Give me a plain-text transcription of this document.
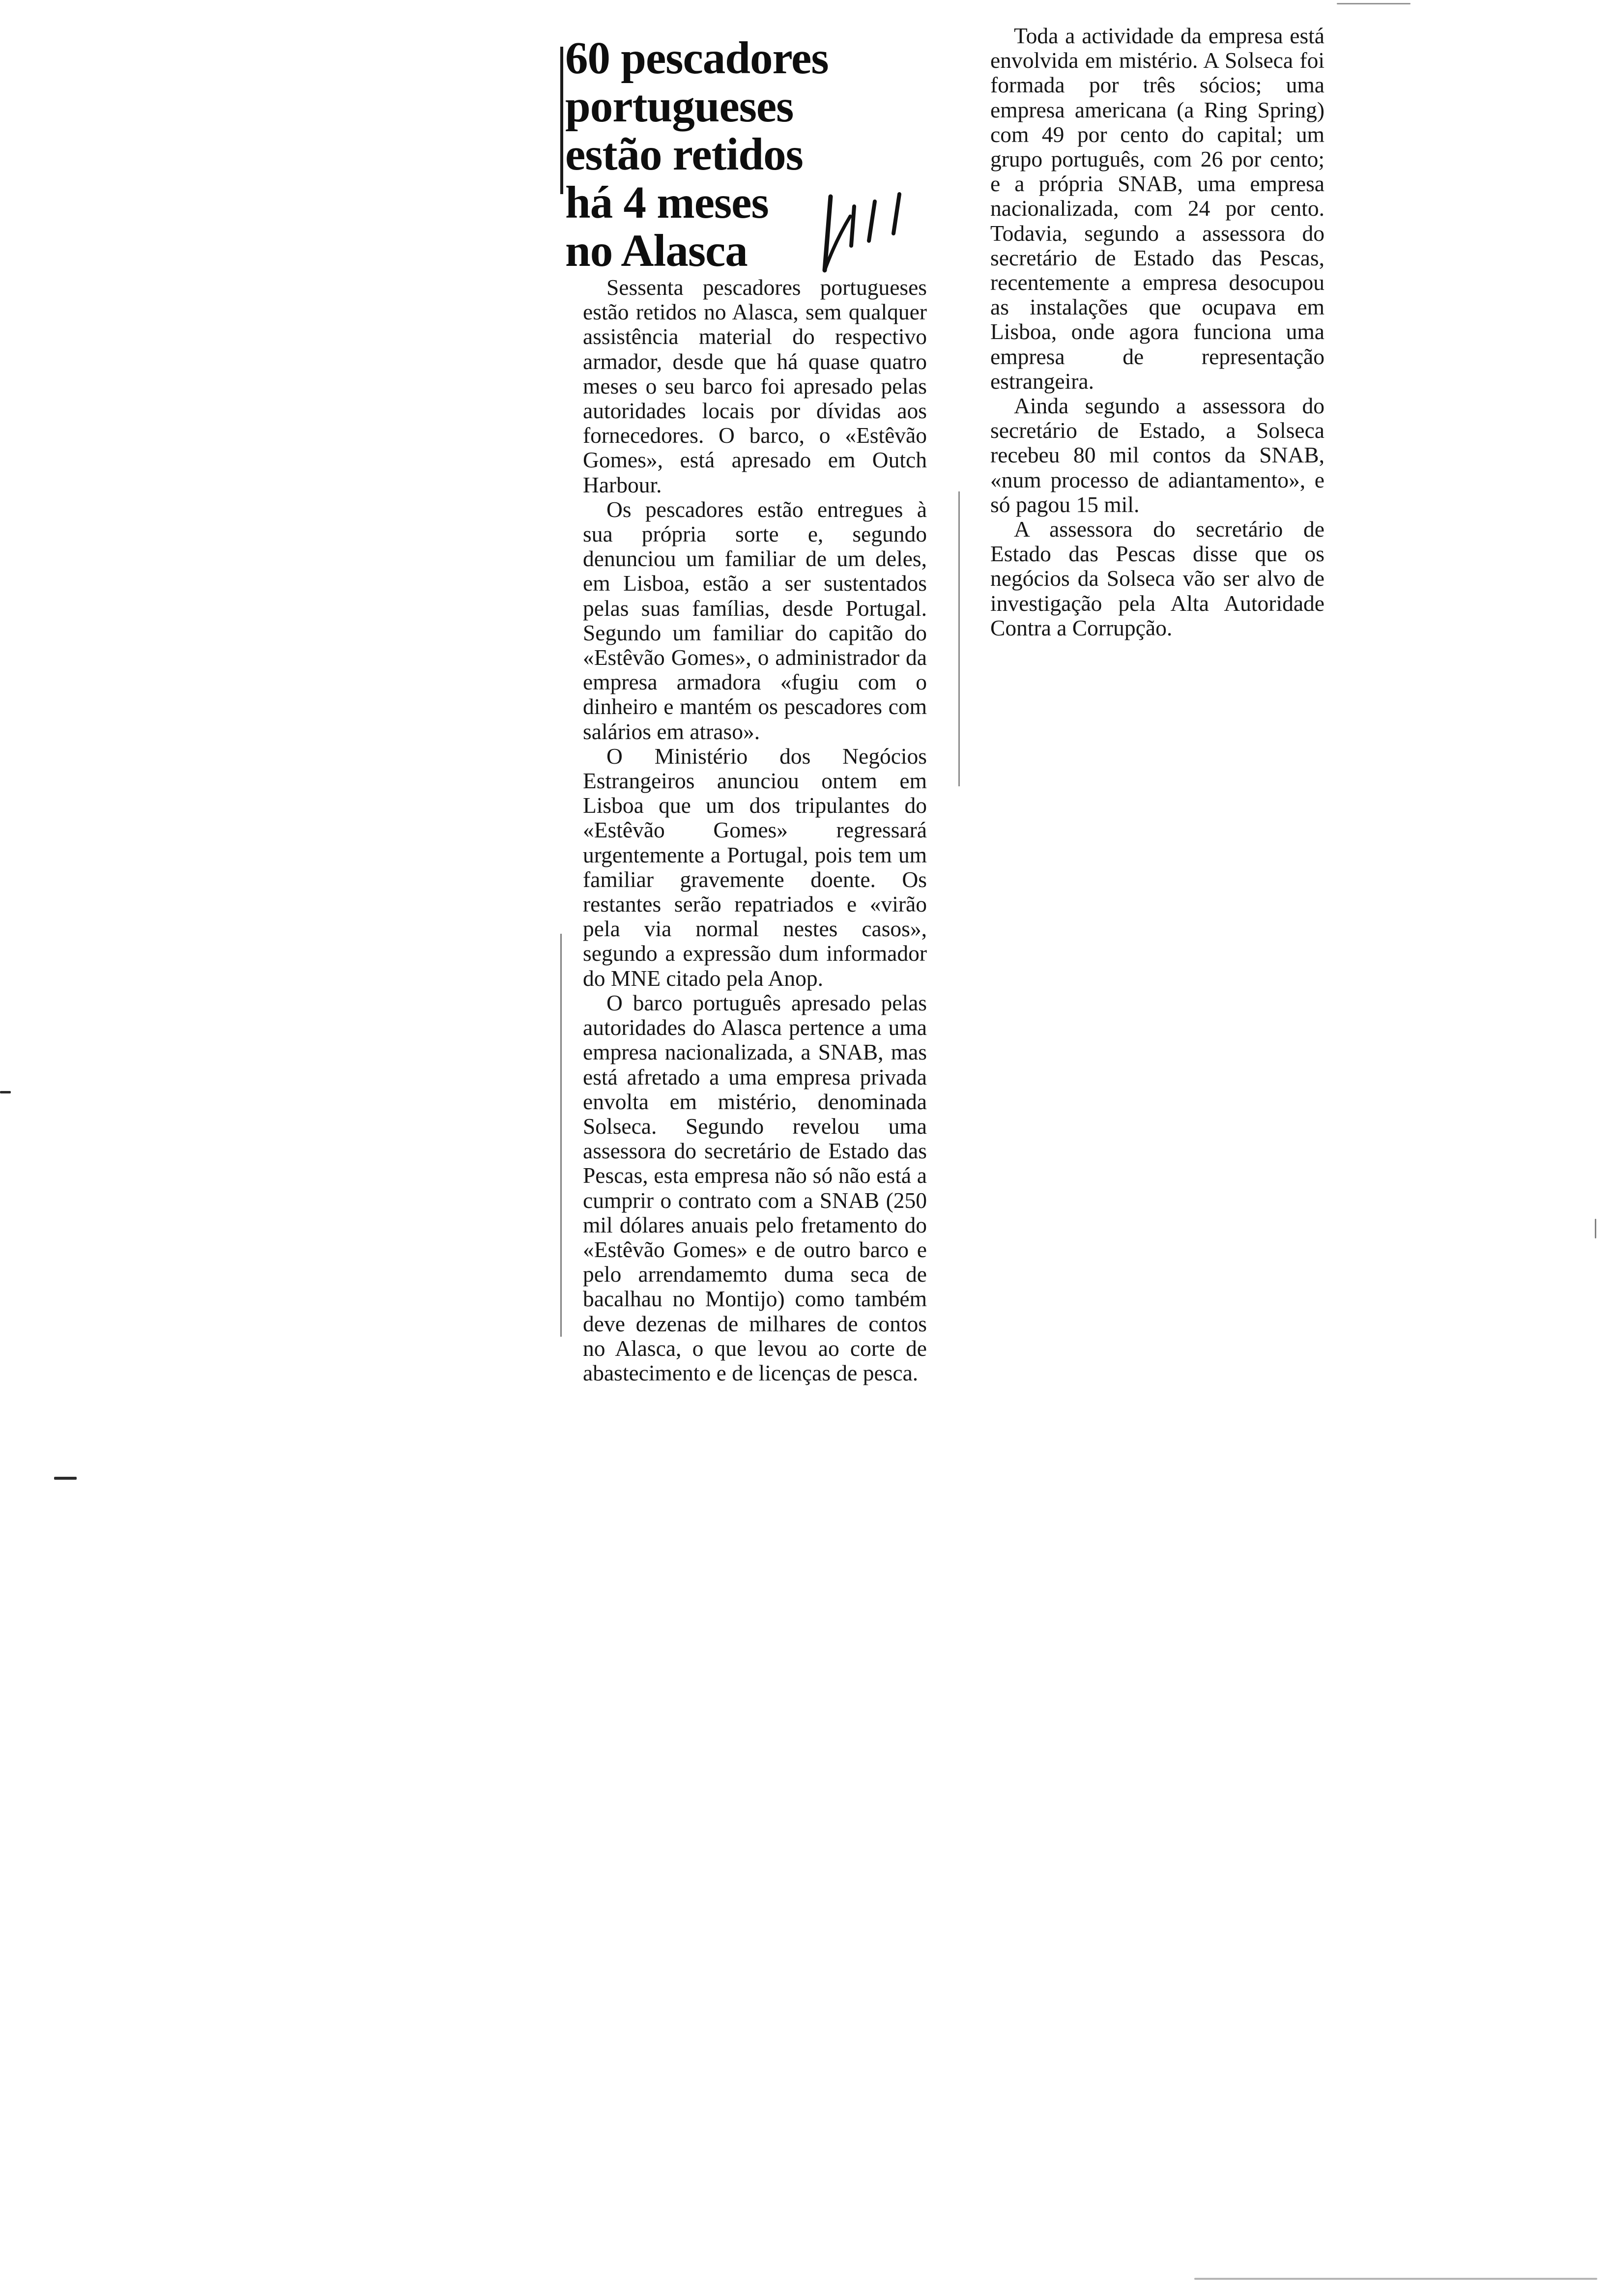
60 pescadores
portugueses
estão retidos
há 4 meses
no Alasca

Sessenta pescadores portugueses estão retidos no Alasca, sem qualquer assistência material do respectivo armador, desde que há quase quatro meses o seu barco foi apresado pelas autoridades locais por dívidas aos fornecedores. O barco, o «Estêvão Gomes», está apresado em Outch Harbour.

Os pescadores estão entregues à sua própria sorte e, segundo denunciou um familiar de um deles, em Lisboa, estão a ser sustentados pelas suas famílias, desde Portugal. Segundo um familiar do capitão do «Estêvão Gomes», o administrador da empresa armadora «fugiu com o dinheiro e mantém os pescadores com salários em atraso».

O Ministério dos Negócios Estrangeiros anunciou ontem em Lisboa que um dos tripulantes do «Estêvão Gomes» regressará urgentemente a Portugal, pois tem um familiar gravemente doente. Os restantes serão repatriados e «virão pela via normal nestes casos», segundo a expressão dum informador do MNE citado pela Anop.

O barco português apresado pelas autoridades do Alasca pertence a uma empresa nacionalizada, a SNAB, mas está afretado a uma empresa privada envolta em mistério, denominada Solseca. Segundo revelou uma assessora do secretário de Estado das Pescas, esta empresa não só não está a cumprir o contrato com a SNAB (250 mil dólares anuais pelo fretamento do «Estêvão Gomes» e de outro barco e pelo arrendamemto duma seca de bacalhau no Montijo) como também deve dezenas de milhares de contos no Alasca, o que levou ao corte de abastecimento e de licenças de pesca.

Toda a actividade da empresa está envolvida em mistério. A Solseca foi formada por três sócios; uma empresa americana (a Ring Spring) com 49 por cento do capital; um grupo português, com 26 por cento; e a própria SNAB, uma empresa nacionalizada, com 24 por cento. Todavia, segundo a assessora do secretário de Estado das Pescas, recentemente a empresa desocupou as instalações que ocupava em Lisboa, onde agora funciona uma empresa de representação estrangeira.

Ainda segundo a assessora do secretário de Estado, a Solseca recebeu 80 mil contos da SNAB, «num processo de adiantamento», e só pagou 15 mil.

A assessora do secretário de Estado das Pescas disse que os negócios da Solseca vão ser alvo de investigação pela Alta Autoridade Contra a Corrupção.
